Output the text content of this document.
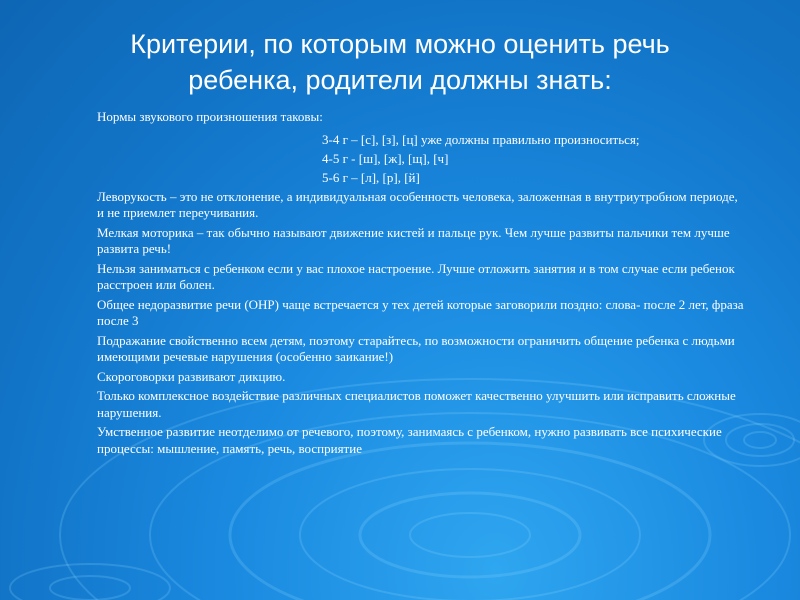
Критерии, по которым можно оценить речь
ребенка, родители должны знать:
Нормы звукового произношения таковы:
3-4 г – [с], [з], [ц] уже должны правильно произноситься;
4-5 г - [ш], [ж], [щ], [ч]
5-6 г – [л], [р], [й]
Леворукость – это не отклонение, а индивидуальная особенность человека, заложенная в внутриутробном периоде, и не приемлет переучивания.
Мелкая моторика – так обычно называют движение кистей и пальце рук. Чем лучше развиты пальчики тем лучше развита речь!
Нельзя заниматься с ребенком если у вас плохое настроение. Лучше отложить занятия и в том случае если ребенок расстроен или болен.
Общее недоразвитие речи (ОНР) чаще встречается у тех детей которые заговорили поздно: слова- после 2 лет, фраза после 3
Подражание свойственно всем детям, поэтому старайтесь, по возможности ограничить общение ребенка с людьми имеющими речевые нарушения (особенно заикание!)
Скороговорки развивают дикцию.
Только комплексное воздействие различных специалистов поможет качественно улучшить или исправить сложные нарушения.
Умственное развитие неотделимо от речевого, поэтому, занимаясь с ребенком, нужно развивать все психические процессы: мышление, память, речь, восприятие
